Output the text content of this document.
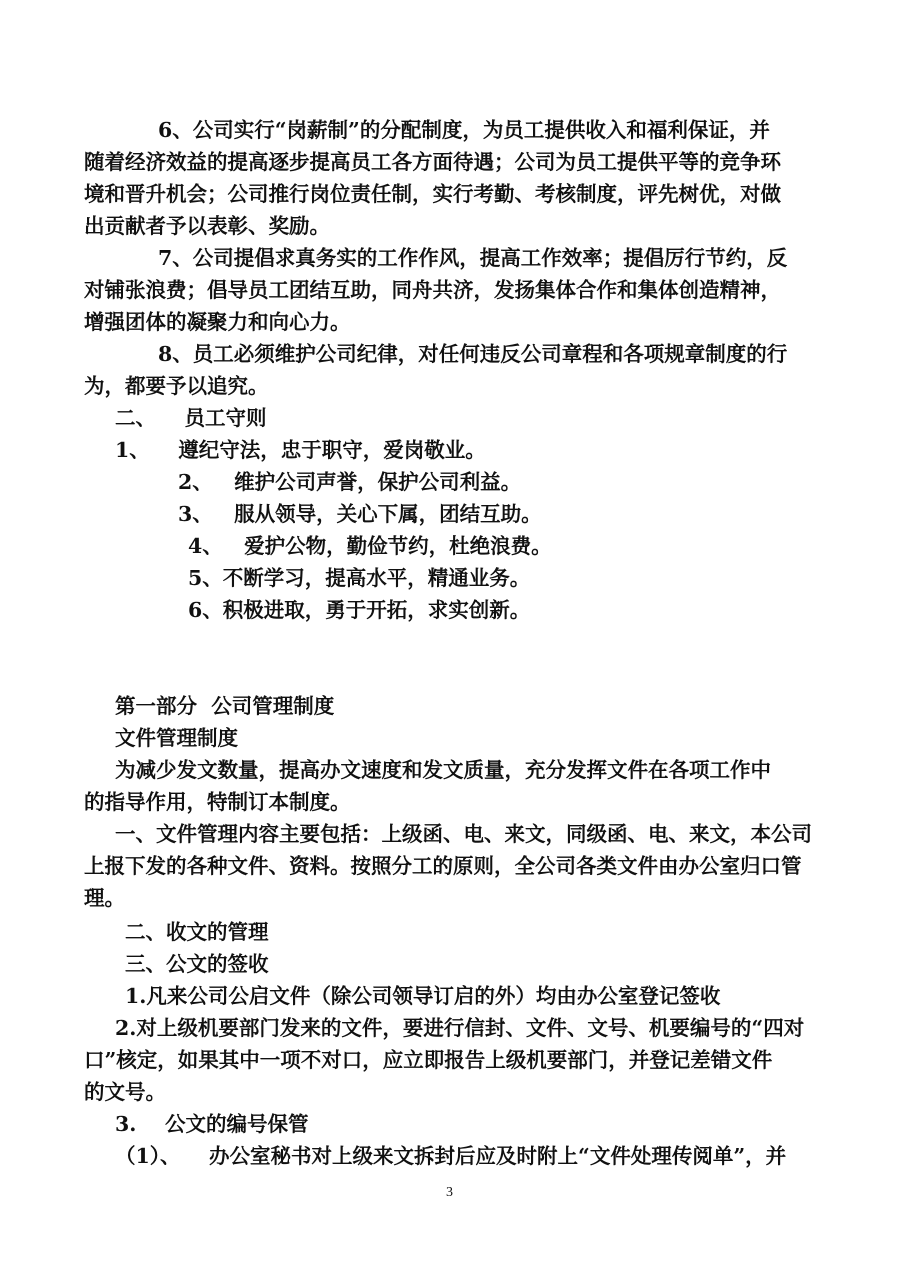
6、公司实行“岗薪制”的分配制度，为员工提供收入和福利保证，并
随着经济效益的提高逐步提高员工各方面待遇；公司为员工提供平等的竞争环
境和晋升机会；公司推行岗位责任制，实行考勤、考核制度，评先树优，对做
出贡献者予以表彰、奖励。
7、公司提倡求真务实的工作作风，提高工作效率；提倡厉行节约，反
对铺张浪费；倡导员工团结互助，同舟共济，发扬集体合作和集体创造精神，
增强团体的凝聚力和向心力。
8、员工必须维护公司纪律，对任何违反公司章程和各项规章制度的行
为，都要予以追究。
二、    员工守则
1、    遵纪守法，忠于职守，爱岗敬业。
2、   维护公司声誉，保护公司利益。
3、   服从领导，关心下属，团结互助。
4、   爱护公物，勤俭节约，杜绝浪费。
5、不断学习，提高水平，精通业务。
6、积极进取，勇于开拓，求实创新。
第一部分  公司管理制度
文件管理制度
为减少发文数量，提高办文速度和发文质量，充分发挥文件在各项工作中
的指导作用，特制订本制度。
一、文件管理内容主要包括：上级函、电、来文，同级函、电、来文，本公司
上报下发的各种文件、资料。按照分工的原则，全公司各类文件由办公室归口管
理。
二、收文的管理
三、公文的签收
1.凡来公司公启文件（除公司领导订启的外）均由办公室登记签收
2.对上级机要部门发来的文件，要进行信封、文件、文号、机要编号的“四对
口”核定，如果其中一项不对口，应立即报告上级机要部门，并登记差错文件
的文号。
3.    公文的编号保管
（1）、    办公室秘书对上级来文拆封后应及时附上“文件处理传阅单”，并
3
